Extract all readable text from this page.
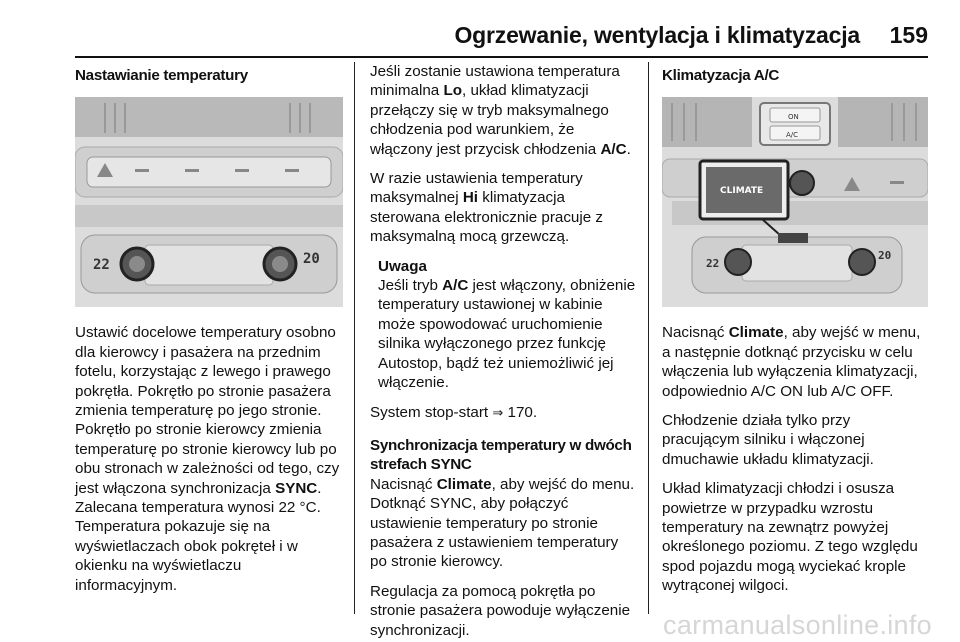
Ogrzewanie, wentylacja i klimatyzacja 159
Nastawianie temperatury
22	20

Ustawić docelowe temperatury osobno dla kierowcy i pasażera na przednim fotelu, korzystając z lewego i prawego pokrętła. Pokrętło po stronie pasażera zmienia temperaturę po jego stronie. Pokrętło po stronie kierowcy zmienia temperaturę po stronie kierowcy lub po obu stronach w zależności od tego, czy jest włączona synchronizacja SYNC. Zalecana temperatura wynosi 22 °C. Temperatura pokazuje się na wyświetlaczach obok pokręteł i w okienku na wyświetlaczu informacyjnym.

Jeśli zostanie ustawiona temperatura minimalna Lo, układ klimatyzacji przełączy się w tryb maksymalnego chłodzenia pod warunkiem, że włączony jest przycisk chłodzenia A/C.

W razie ustawienia temperatury maksymalnej Hi klimatyzacja sterowana elektronicznie pracuje z maksymalną mocą grzewczą.

Uwaga
Jeśli tryb A/C jest włączony, obniżenie temperatury ustawionej w kabinie może spowodować uruchomienie silnika wyłączonego przez funkcję Autostop, bądź też uniemożliwić jej włączenie.

System stop-start ⇒ 170.

Synchronizacja temperatury w dwóch strefach SYNC

Nacisnąć Climate, aby wejść do menu. Dotknąć SYNC, aby połączyć ustawienie temperatury po stronie pasażera z ustawieniem temperatury po stronie kierowcy.

Regulacja za pomocą pokrętła po stronie pasażera powoduje wyłączenie synchronizacji.

Klimatyzacja A/C
ON
A/C
CLIMATE
22
20

Nacisnąć Climate, aby wejść w menu, a następnie dotknąć przycisku w celu włączenia lub wyłączenia klimatyzacji, odpowiednio A/C ON lub A/C OFF.

Chłodzenie działa tylko przy pracującym silniku i włączonej dmuchawie układu klimatyzacji.

Układ klimatyzacji chłodzi i osusza powietrze w przypadku wzrostu temperatury na zewnątrz powyżej określonego poziomu. Z tego względu spod pojazdu mogą wyciekać krople wytrąconej wilgoci.

carmanualsonline.info
